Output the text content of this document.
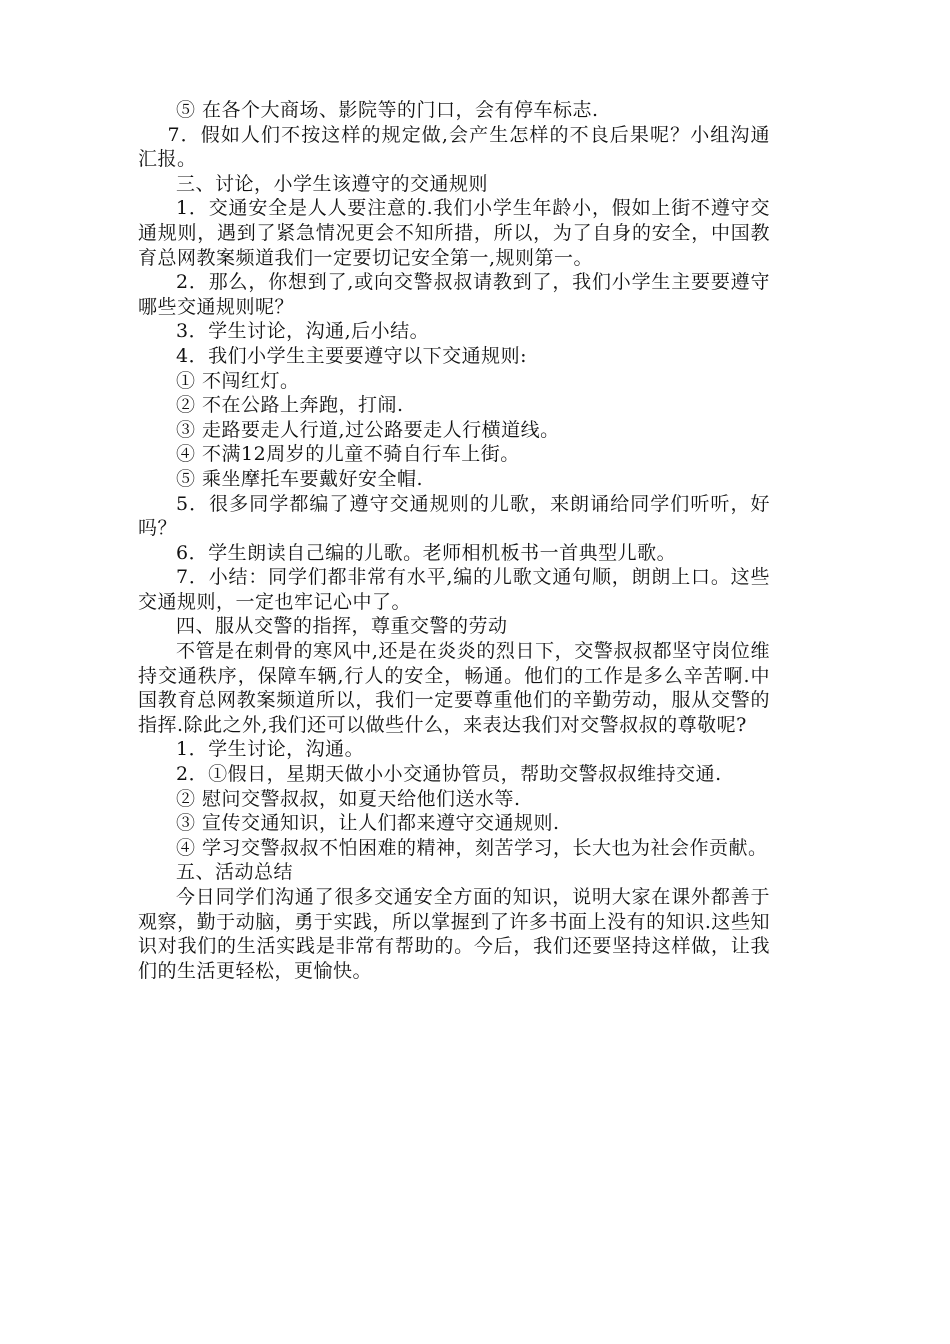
⑤ 在各个大商场、影院等的门口，会有停车标志.

7．假如人们不按这样的规定做,会产生怎样的不良后果呢？小组沟通汇报。

三、讨论，小学生该遵守的交通规则

1．交通安全是人人要注意的.我们小学生年龄小，假如上街不遵守交通规则，遇到了紧急情况更会不知所措，所以，为了自身的安全，中国教育总网教案频道我们一定要切记安全第一,规则第一。

2．那么，你想到了,或向交警叔叔请教到了，我们小学生主要要遵守哪些交通规则呢？

3．学生讨论，沟通,后小结。

4．我们小学生主要要遵守以下交通规则:

① 不闯红灯。

② 不在公路上奔跑，打闹.

③ 走路要走人行道,过公路要走人行横道线。

④ 不满12周岁的儿童不骑自行车上街。

⑤ 乘坐摩托车要戴好安全帽.

5．很多同学都编了遵守交通规则的儿歌，来朗诵给同学们听听，好吗？

6．学生朗读自己编的儿歌。老师相机板书一首典型儿歌。

7．小结：同学们都非常有水平,编的儿歌文通句顺，朗朗上口。这些交通规则，一定也牢记心中了。

四、服从交警的指挥，尊重交警的劳动

不管是在刺骨的寒风中,还是在炎炎的烈日下，交警叔叔都坚守岗位维持交通秩序，保障车辆,行人的安全，畅通。他们的工作是多么辛苦啊.中国教育总网教案频道所以，我们一定要尊重他们的辛勤劳动，服从交警的指挥.除此之外,我们还可以做些什么，来表达我们对交警叔叔的尊敬呢?

1．学生讨论，沟通。

2．①假日，星期天做小小交通协管员，帮助交警叔叔维持交通.

② 慰问交警叔叔，如夏天给他们送水等.

③ 宣传交通知识，让人们都来遵守交通规则.

④ 学习交警叔叔不怕困难的精神，刻苦学习，长大也为社会作贡献。

五、活动总结

今日同学们沟通了很多交通安全方面的知识，说明大家在课外都善于观察，勤于动脑，勇于实践，所以掌握到了许多书面上没有的知识.这些知识对我们的生活实践是非常有帮助的。今后，我们还要坚持这样做，让我们的生活更轻松，更愉快。
